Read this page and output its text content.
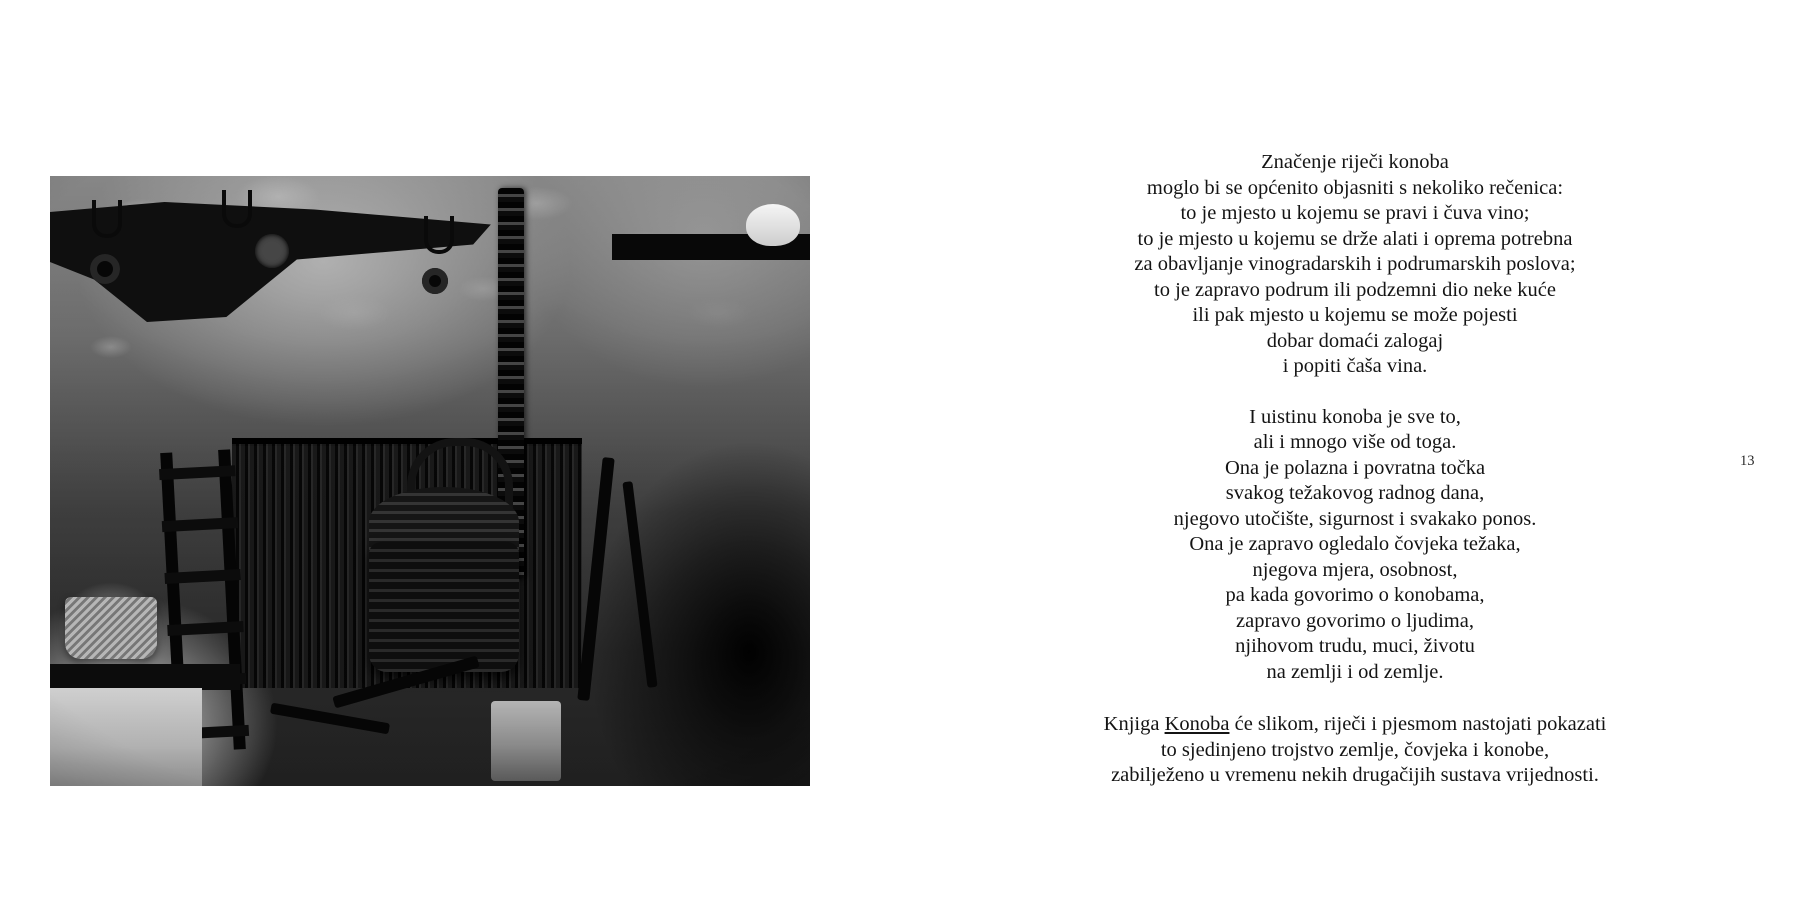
Značenje riječi konoba
moglo bi se općenito objasniti s nekoliko rečenica:
to je mjesto u kojemu se pravi i čuva vino;
to je mjesto u kojemu se drže alati i oprema potrebna
za obavljanje vinogradarskih i podrumarskih poslova;
to je zapravo podrum ili podzemni dio neke kuće
ili pak mjesto u kojemu se može pojesti
dobar domaći zalogaj
i popiti čaša vina.

I uistinu konoba je sve to,
ali i mnogo više od toga.
Ona je polazna i povratna točka
svakog težakovog radnog dana,
njegovo utočište, sigurnost i svakako ponos.
Ona je zapravo ogledalo čovjeka težaka,
njegova mjera, osobnost,
pa kada govorimo o konobama,
zapravo govorimo o ljudima,
njihovom trudu, muci, životu
na zemlji i od zemlje.

Knjiga Konoba će slikom, riječi i pjesmom nastojati pokazati
to sjedinjeno trojstvo zemlje, čovjeka i konobe,
zabilježeno u vremenu nekih drugačijih sustava vrijednosti.

13
